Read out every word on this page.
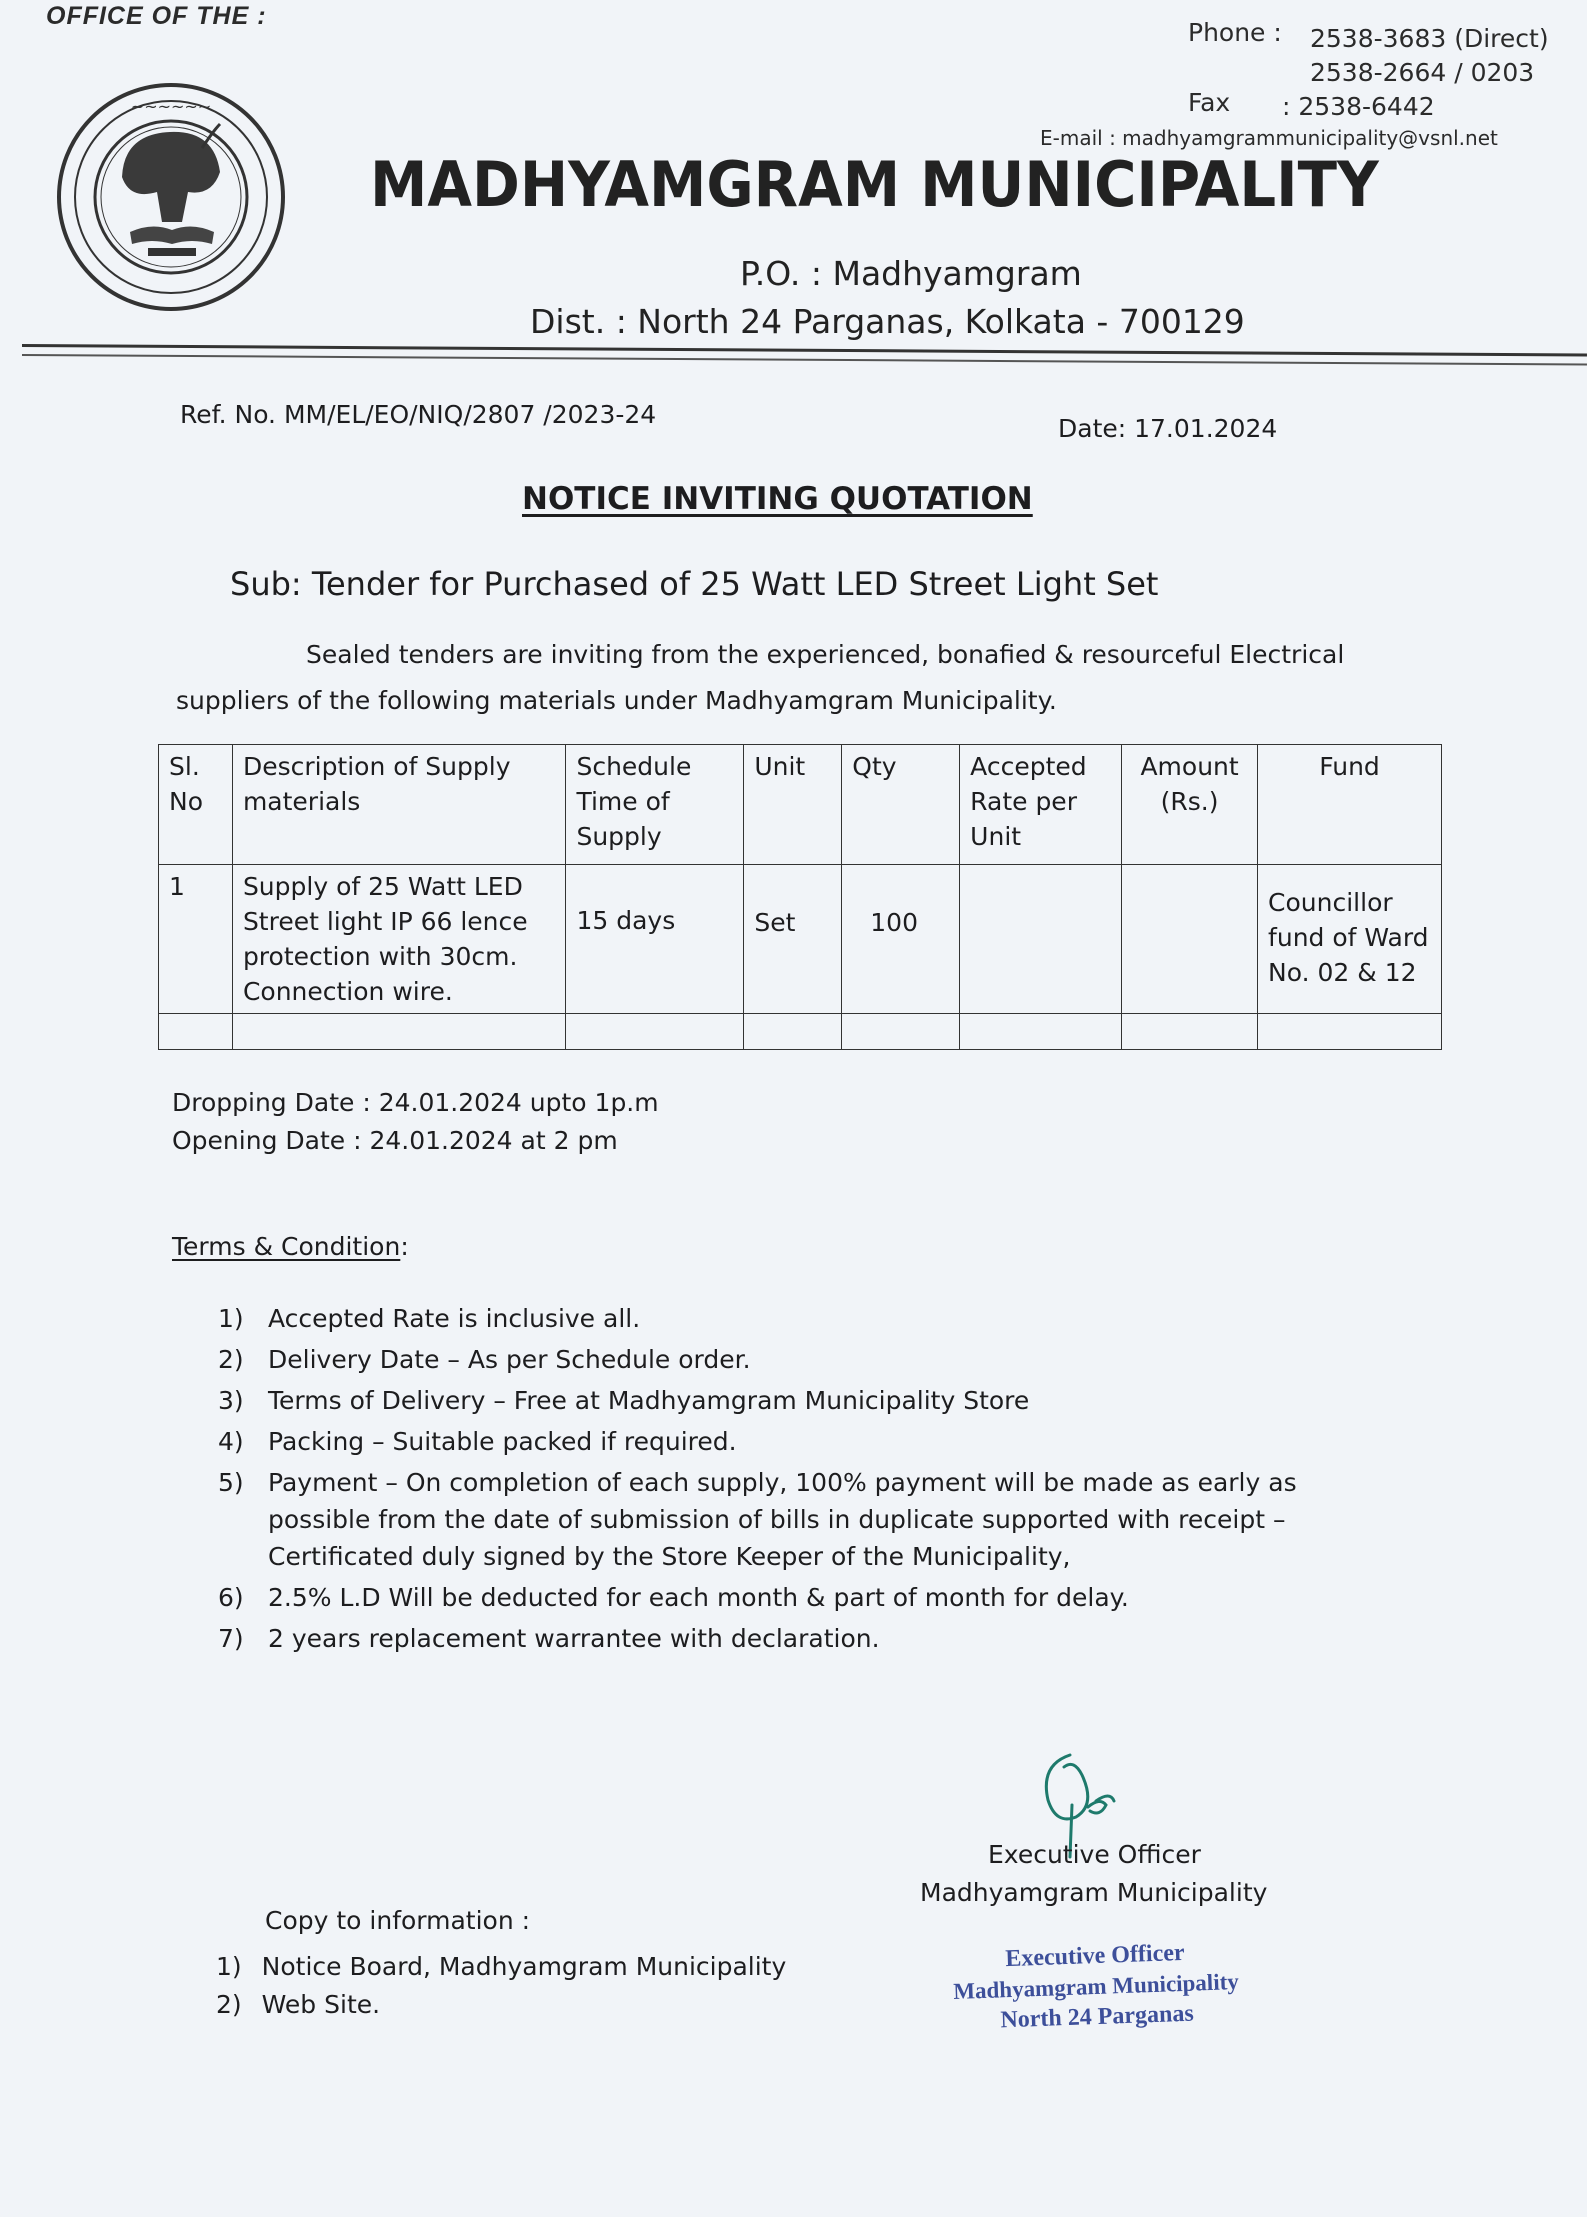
OFFICE OF THE :
Phone : 2538-3683 (Direct)
2538-2664 / 0203
Fax : 2538-6442
E-mail : madhyamgrammunicipality@vsnl.net
~~~~~~
MADHYAMGRAM MUNICIPALITY
P.O. : Madhyamgram
Dist. : North 24 Parganas, Kolkata - 700129
Ref. No. MM/EL/EO/NIQ/2807 /2023-24	Date: 17.01.2024
NOTICE INVITING QUOTATION
Sub: Tender for Purchased of 25 Watt LED Street Light Set
Sealed tenders are inviting from the experienced, bonafied & resourceful Electrical
suppliers of the following materials under Madhyamgram Municipality.
Sl. No	Description of Supply materials	Schedule Time of Supply	Unit	Qty	Accepted Rate per Unit	Amount (Rs.)	Fund
1	Supply of 25 Watt LED Street light IP 66 lence protection with 30cm. Connection wire.	15 days	Set	100			Councillor fund of Ward No. 02 & 12

Dropping Date : 24.01.2024 upto 1p.m
Opening Date : 24.01.2024 at 2 pm
Terms & Condition:
1) Accepted Rate is inclusive all.
2) Delivery Date – As per Schedule order.
3) Terms of Delivery – Free at Madhyamgram Municipality Store
4) Packing – Suitable packed if required.
5) Payment – On completion of each supply, 100% payment will be made as early as possible from the date of submission of bills in duplicate supported with receipt – Certificated duly signed by the Store Keeper of the Municipality,
6) 2.5% L.D Will be deducted for each month & part of month for delay.
7) 2 years replacement warrantee with declaration.
Executive Officer
Madhyamgram Municipality
Copy to information :
1) Notice Board, Madhyamgram Municipality
2) Web Site.
Executive Officer
Madhyamgram Municipality
North 24 Parganas
